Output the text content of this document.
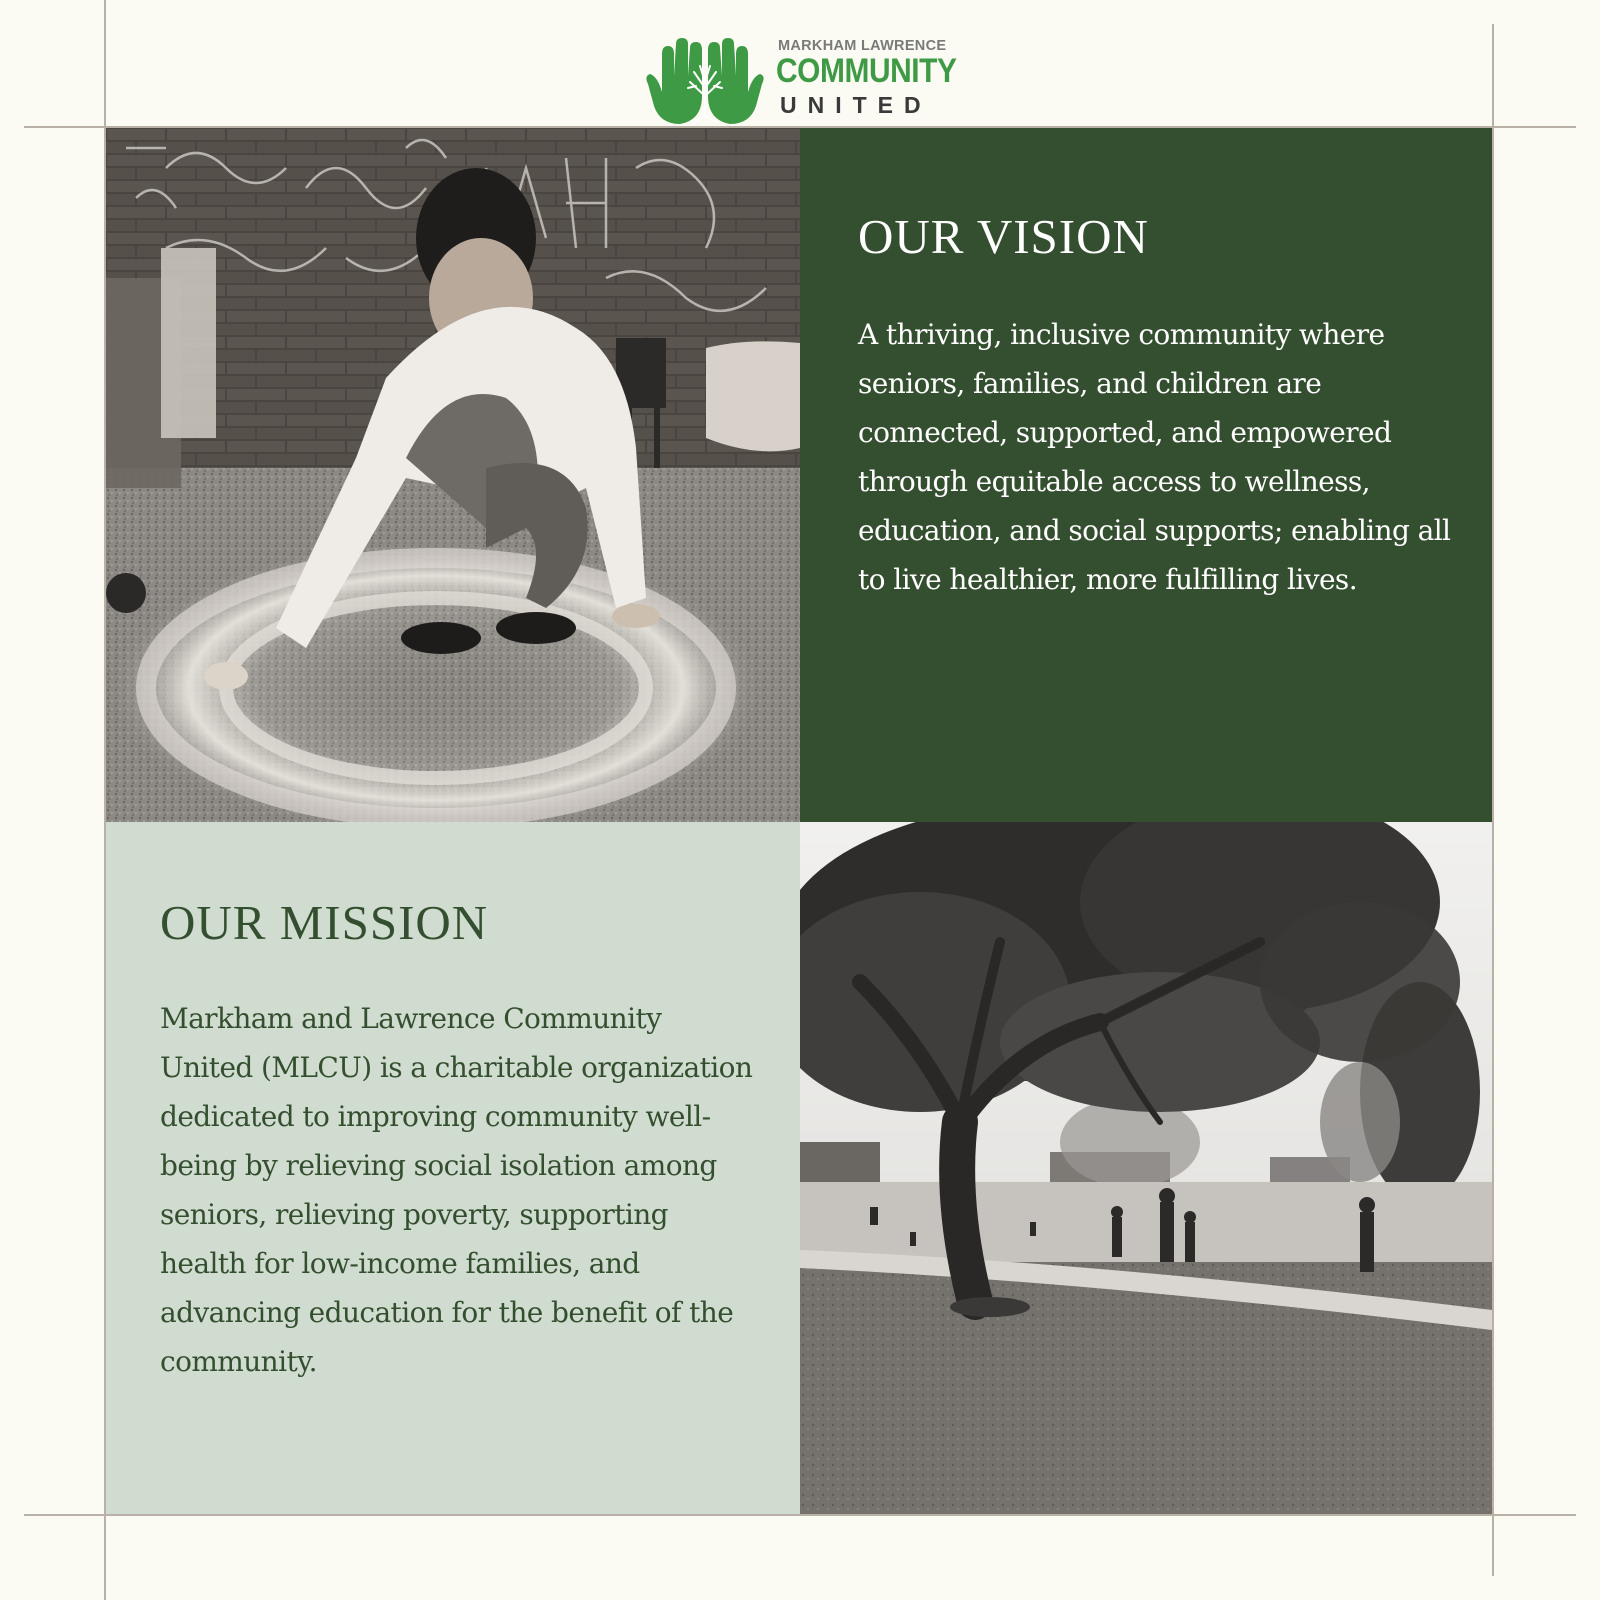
MARKHAM LAWRENCE
COMMUNITY
UNITED
OUR VISION

A thriving, inclusive community where seniors, families, and children are connected, supported, and empowered through equitable access to wellness, education, and social supports; enabling all to live healthier, more fulfilling lives.

OUR MISSION

Markham and Lawrence Community United (MLCU) is a charitable organization dedicated to improving community well-being by relieving social isolation among seniors, relieving poverty, supporting health for low-income families, and advancing education for the benefit of the community.
